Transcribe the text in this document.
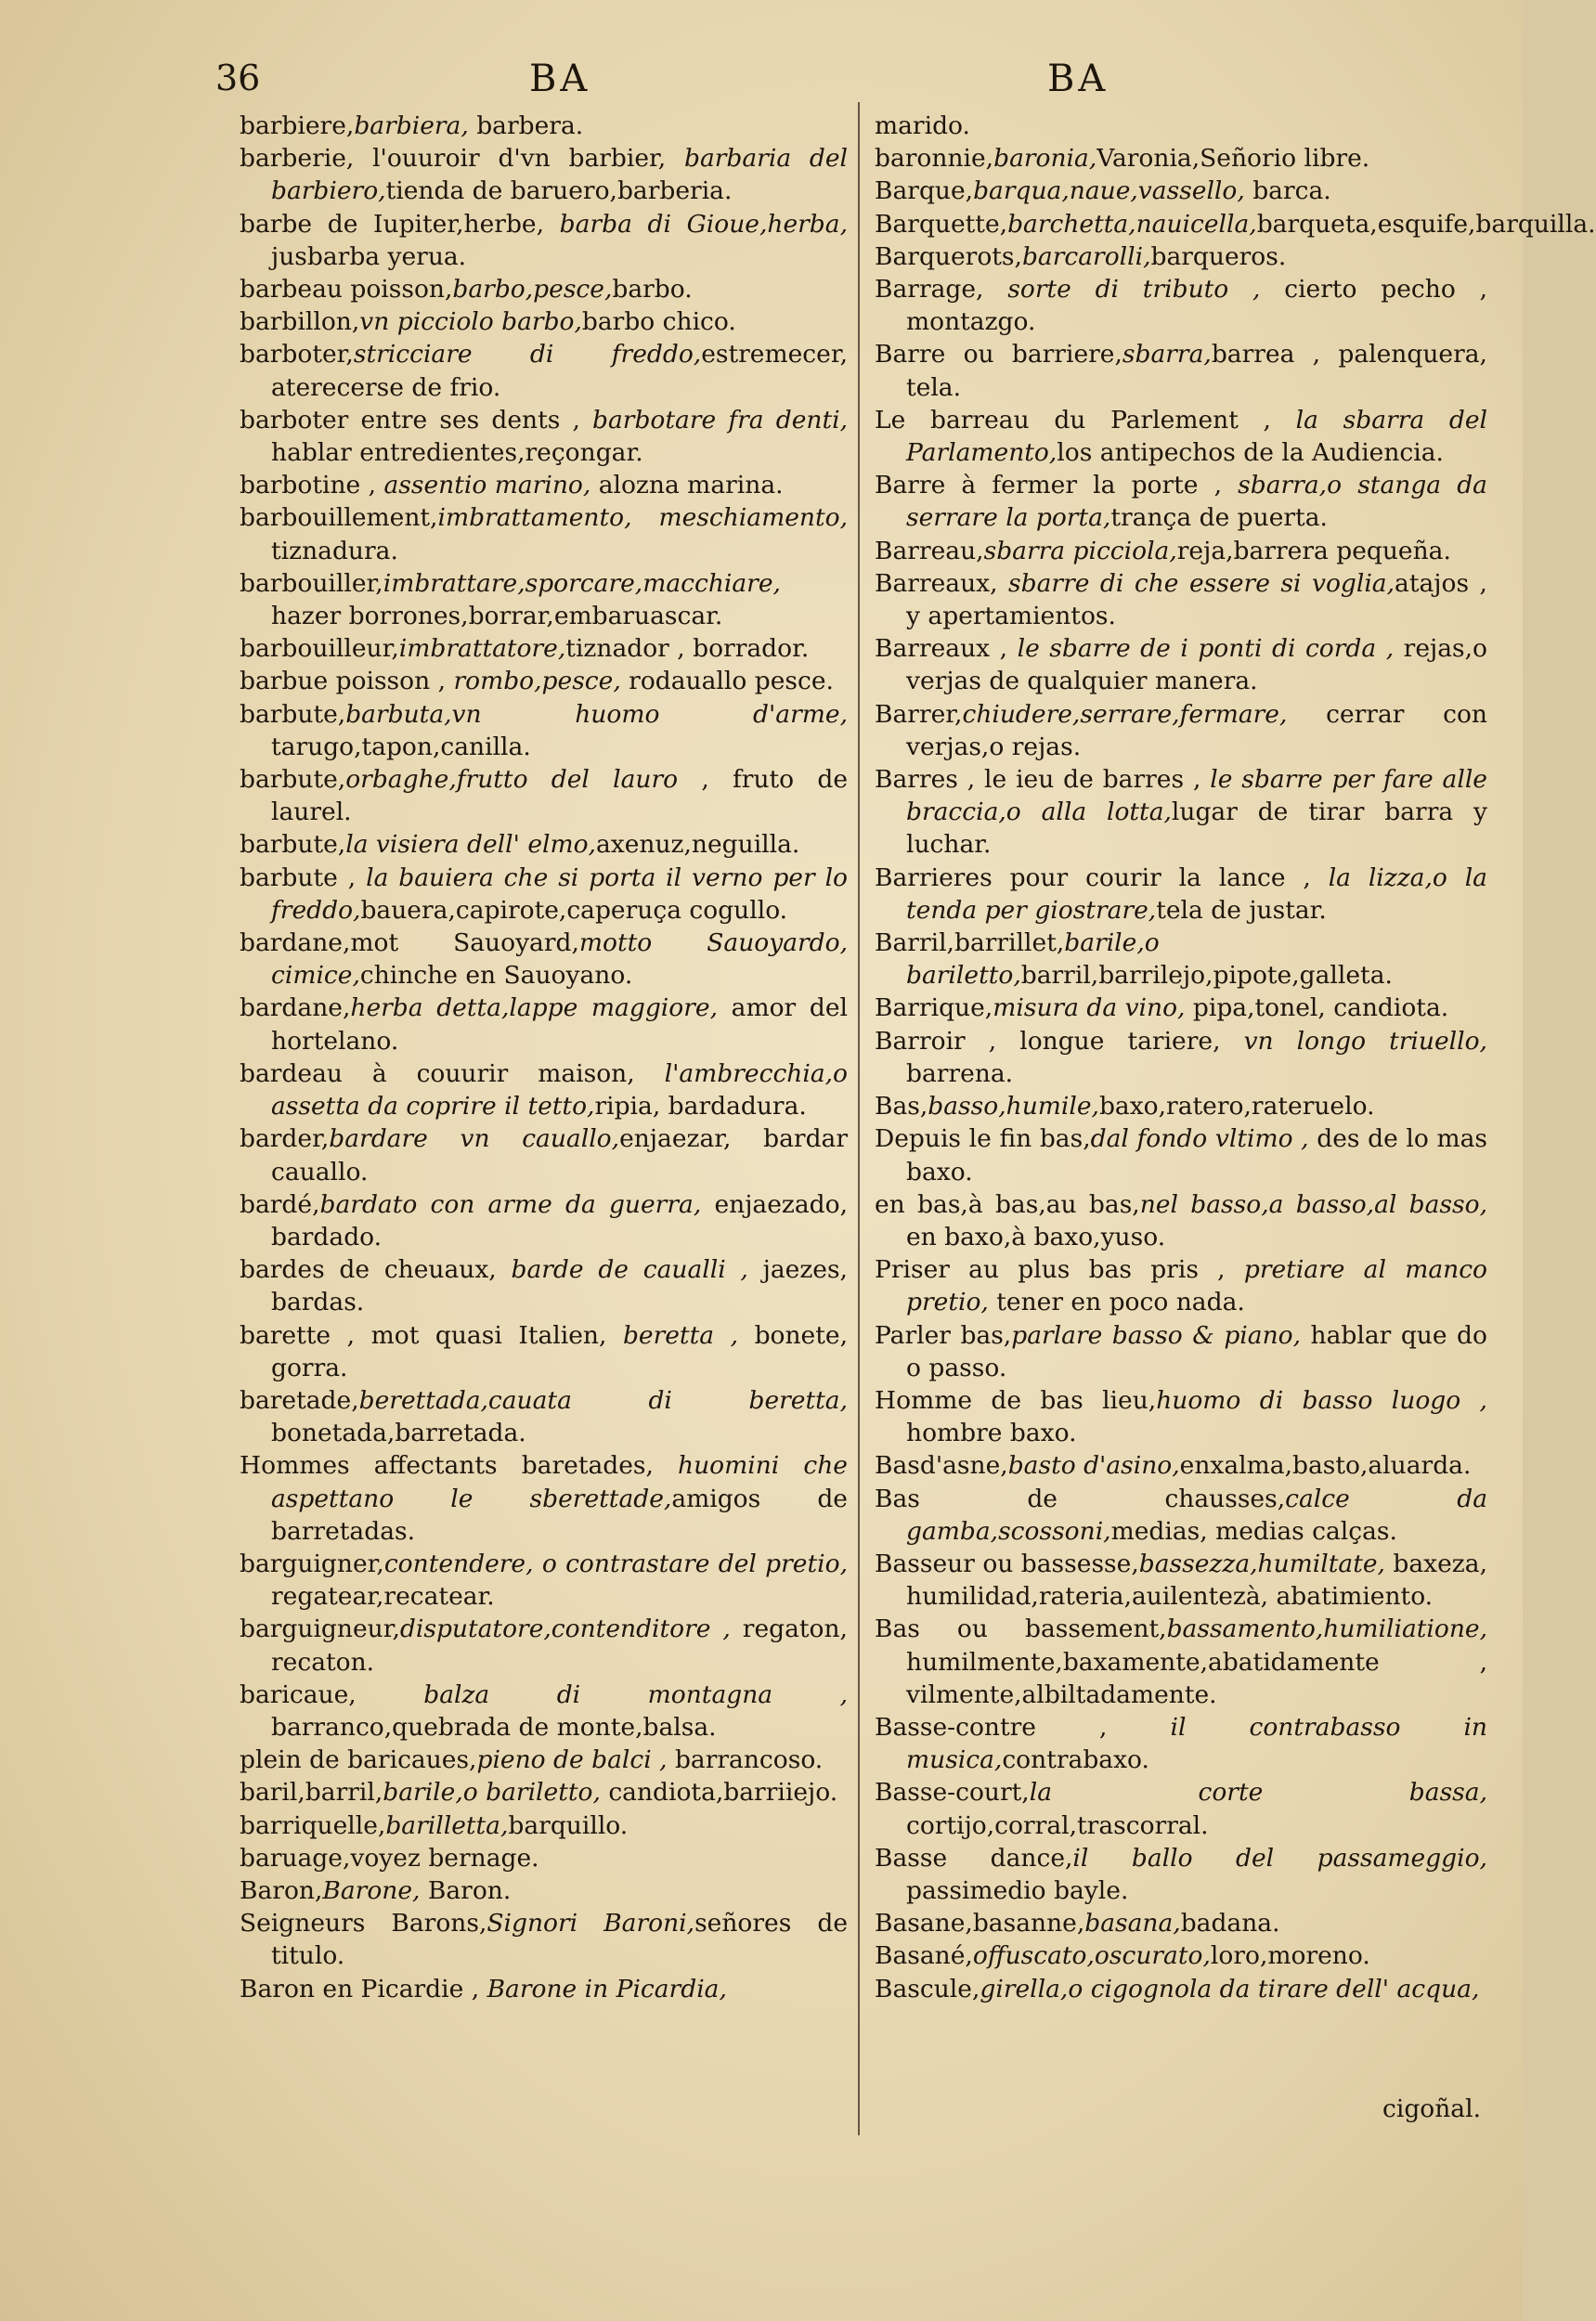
36	BA	BA
barbiere,barbiera, barbera.
barberie, l'ouuroir d'vn barbier, barbaria del barbiero,tienda de baruero,barberia.
barbe de Iupiter,herbe, barba di Gioue,herba, jusbarba yerua.
barbeau poisson,barbo,pesce,barbo.
barbillon,vn picciolo barbo,barbo chico.
barboter,stricciare di freddo,estremecer, aterecerse de frio.
barboter entre ses dents , barbotare fra denti, hablar entredientes,reçongar.
barbotine , assentio marino, alozna marina.
barbouillement,imbrattamento, meschiamento, tiznadura.
barbouiller,imbrattare,sporcare,macchiare, hazer borrones,borrar,embaruascar.
barbouilleur,imbrattatore,tiznador , borrador.
barbue poisson , rombo,pesce, rodauallo pesce.
barbute,barbuta,vn huomo d'arme, tarugo,tapon,canilla.
barbute,orbaghe,frutto del lauro , fruto de laurel.
barbute,la visiera dell' elmo,axenuz,neguilla.
barbute , la bauiera che si porta il verno per lo freddo,bauera,capirote,caperuça cogullo.
bardane,mot Sauoyard,motto Sauoyardo, cimice,chinche en Sauoyano.
bardane,herba detta,lappe maggiore, amor del hortelano.
bardeau à couurir maison, l'ambrecchia,o assetta da coprire il tetto,ripia, bardadura.
barder,bardare vn cauallo,enjaezar, bardar cauallo.
bardé,bardato con arme da guerra, enjaezado, bardado.
bardes de cheuaux, barde de caualli , jaezes, bardas.
barette , mot quasi Italien, beretta , bonete, gorra.
baretade,berettada,cauata di beretta, bonetada,barretada.
Hommes affectants baretades, huomini che aspettano le sberettade,amigos de barretadas.
barguigner,contendere, o contrastare del pretio, regatear,recatear.
barguigneur,disputatore,contenditore , regaton, recaton.
baricaue, balza di montagna , barranco,quebrada de monte,balsa.
plein de baricaues,pieno de balci , barrancoso.
baril,barril,barile,o bariletto, candiota,barriiejo.
barriquelle,barilletta,barquillo.
baruage,voyez bernage.
Baron,Barone, Baron.
Seigneurs Barons,Signori Baroni,señores de titulo.
Baron en Picardie , Barone in Picardia,
marido.
baronnie,baronia,Varonia,Señorio libre.
Barque,barqua,naue,vassello, barca.
Barquette,barchetta,nauicella,barqueta,esquife,barquilla.
Barquerots,barcarolli,barqueros.
Barrage, sorte di tributo , cierto pecho , montazgo.
Barre ou barriere,sbarra,barrea , palenquera, tela.
Le barreau du Parlement , la sbarra del Parlamento,los antipechos de la Audiencia.
Barre à fermer la porte , sbarra,o stanga da serrare la porta,trança de puerta.
Barreau,sbarra picciola,reja,barrera pequeña.
Barreaux, sbarre di che essere si voglia,atajos , y apertamientos.
Barreaux , le sbarre de i ponti di corda , rejas,o verjas de qualquier manera.
Barrer,chiudere,serrare,fermare, cerrar con verjas,o rejas.
Barres , le ieu de barres , le sbarre per fare alle braccia,o alla lotta,lugar de tirar barra y luchar.
Barrieres pour courir la lance , la lizza,o la tenda per giostrare,tela de justar.
Barril,barrillet,barile,o bariletto,barril,barrilejo,pipote,galleta.
Barrique,misura da vino, pipa,tonel, candiota.
Barroir , longue tariere, vn longo triuello, barrena.
Bas,basso,humile,baxo,ratero,rateruelo.
Depuis le fin bas,dal fondo vltimo , des de lo mas baxo.
en bas,à bas,au bas,nel basso,a basso,al basso, en baxo,à baxo,yuso.
Priser au plus bas pris , pretiare al manco pretio, tener en poco nada.
Parler bas,parlare basso & piano, hablar que do o passo.
Homme de bas lieu,huomo di basso luogo , hombre baxo.
Basd'asne,basto d'asino,enxalma,basto,aluarda.
Bas de chausses,calce da gamba,scossoni,medias, medias calças.
Basseur ou bassesse,bassezza,humiltate, baxeza, humilidad,rateria,auilentezà, abatimiento.
Bas ou bassement,bassamento,humiliatione, humilmente,baxamente,abatidamente , vilmente,albiltadamente.
Basse-contre , il contrabasso in musica,contrabaxo.
Basse-court,la corte bassa, cortijo,corral,trascorral.
Basse dance,il ballo del passameggio, passimedio bayle.
Basane,basanne,basana,badana.
Basané,offuscato,oscurato,loro,moreno.
Bascule,girella,o cigognola da tirare dell' acqua,
cigoñal.
